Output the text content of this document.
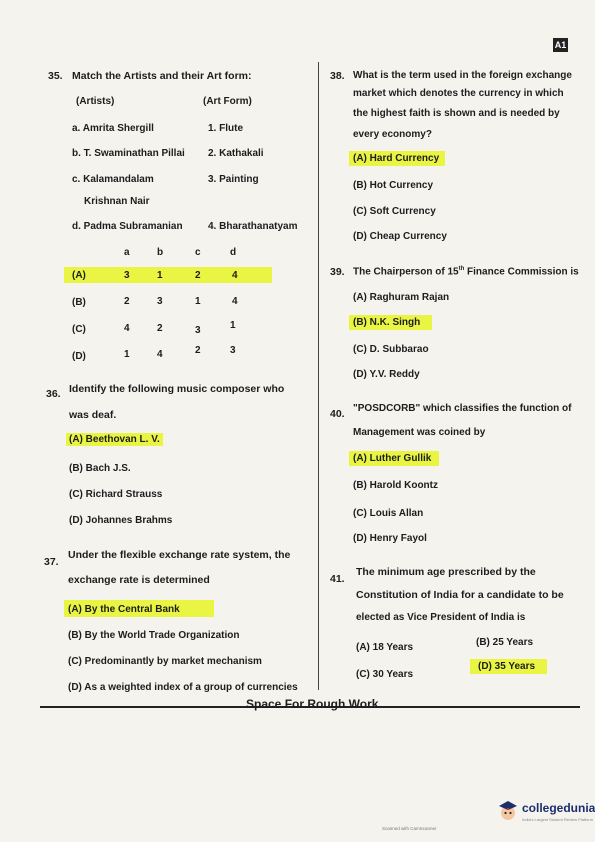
A1
35. Match the Artists and their Art form:
(Artists)	(Art Form)
a. Amrita Shergill	1. Flute
b. T. Swaminathan Pillai 2. Kathakali
c. Kalamandalam	3. Painting
Krishnan Nair
d. Padma Subramanian	4. Bharathanatyam
a	b	c	d
(A)	3	1	2	4
(B)	2	3	1	4
(C)	4	2	3	1
(D)	1	4	2	3
36. Identify the following music composer who
was deaf.
(A) Beethovan L. V.
(B) Bach J.S.
(C) Richard Strauss
(D) Johannes Brahms
37.
Under the flexible exchange rate system, the
exchange rate is determined
(A) By the Central Bank
(B) By the World Trade Organization
(C) Predominantly by market mechanism
(D) As a weighted index of a group of currencies
38. What is the term used in the foreign exchange
market which denotes the currency in which
the highest faith is shown and is needed by
every economy?
(A) Hard Currency
(B) Hot Currency
(C) Soft Currency
(D) Cheap Currency
39. The Chairperson of 15th Finance Commission is
(A) Raghuram Rajan
(B) N.K. Singh
(C) D. Subbarao
(D) Y.V. Reddy
40. "POSDCORB" which classifies the function of
Management was coined by
(A) Luther Gullik
(B) Harold Koontz
(C) Louis Allan
(D) Henry Fayol
41.
The minimum age prescribed by the
Constitution of India for a candidate to be
elected as Vice President of India is
(A) 18 Years	(B) 25 Years
(C) 30 Years
(D) 35 Years
Space For Rough Work
collegedunia
India's Largest Student Review Platform
Scanned with CamScanner
